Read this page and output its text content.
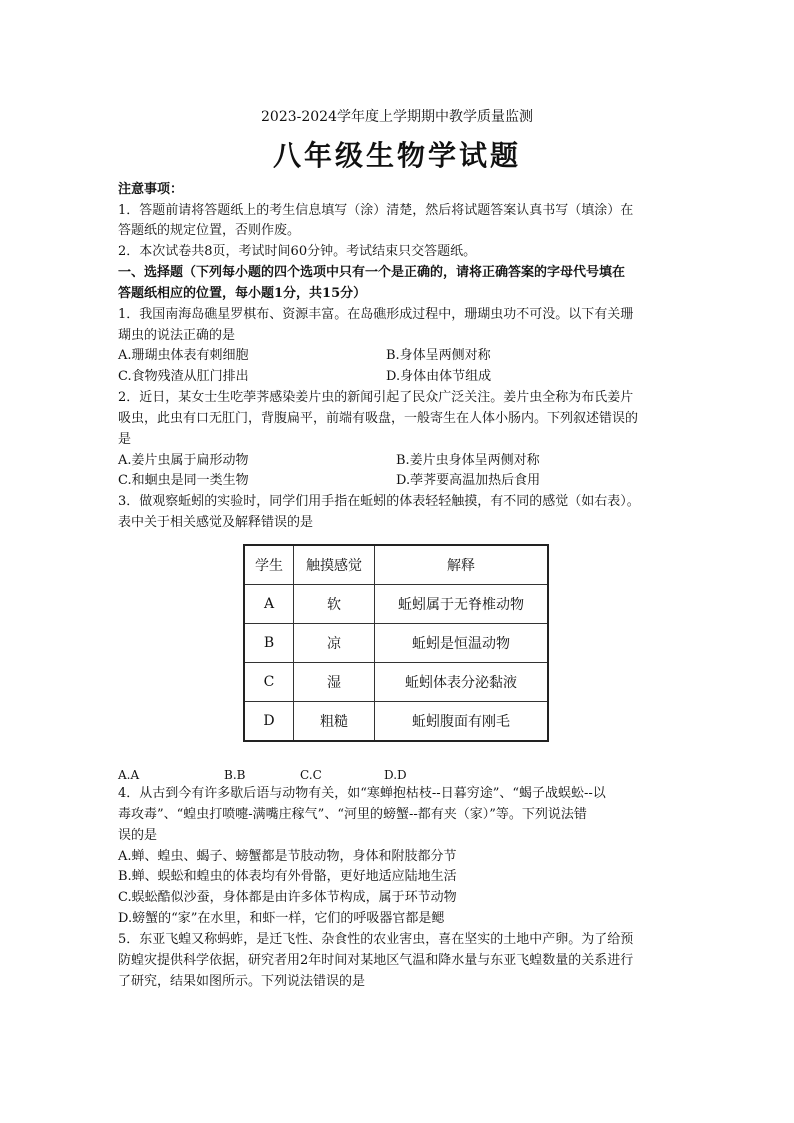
2023-2024学年度上学期期中教学质量监测
八年级生物学试题
注意事项：
1．答题前请将答题纸上的考生信息填写（涂）清楚，然后将试题答案认真书写（填涂）在
答题纸的规定位置，否则作废。
2．本次试卷共8页，考试时间60分钟。考试结束只交答题纸。
一、选择题（下列每小题的四个选项中只有一个是正确的，请将正确答案的字母代号填在
答题纸相应的位置，每小题1分，共15分）
1．我国南海岛礁星罗棋布、资源丰富。在岛礁形成过程中，珊瑚虫功不可没。以下有关珊
瑚虫的说法正确的是
A.珊瑚虫体表有刺细胞	B.身体呈两侧对称
C.食物残渣从肛门排出	D.身体由体节组成
2．近日，某女士生吃荸荠感染姜片虫的新闻引起了民众广泛关注。姜片虫全称为布氏姜片
吸虫，此虫有口无肛门，背腹扁平，前端有吸盘，一般寄生在人体小肠内。下列叙述错误的
是
A.姜片虫属于扁形动物	B.姜片虫身体呈两侧对称
C.和蛔虫是同一类生物	D.荸荠要高温加热后食用
3．做观察蚯蚓的实验时，同学们用手指在蚯蚓的体表轻轻触摸，有不同的感觉（如右表）。
表中关于相关感觉及解释错误的是
学生	触摸感觉	解释
A	软	蚯蚓属于无脊椎动物
B	凉	蚯蚓是恒温动物
C	湿	蚯蚓体表分泌黏液
D	粗糙	蚯蚓腹面有刚毛
A.A	B.B	C.C	D.D
4．从古到今有许多歇后语与动物有关，如“寒蝉抱枯枝--日暮穷途”、“蝎子战蜈蚣--以
毒攻毒”、“蝗虫打喷嚏-满嘴庄稼气”、“河里的螃蟹--都有夹（家）”等。下列说法错
误的是
A.蝉、蝗虫、蝎子、螃蟹都是节肢动物，身体和附肢都分节
B.蝉、蜈蚣和蝗虫的体表均有外骨骼，更好地适应陆地生活
C.蜈蚣酷似沙蚕，身体都是由许多体节构成，属于环节动物
D.螃蟹的“家”在水里，和虾一样，它们的呼吸器官都是鳃
5．东亚飞蝗又称蚂蚱，是迁飞性、杂食性的农业害虫，喜在坚实的土地中产卵。为了给预
防蝗灾提供科学依据，研究者用2年时间对某地区气温和降水量与东亚飞蝗数量的关系进行
了研究，结果如图所示。下列说法错误的是
